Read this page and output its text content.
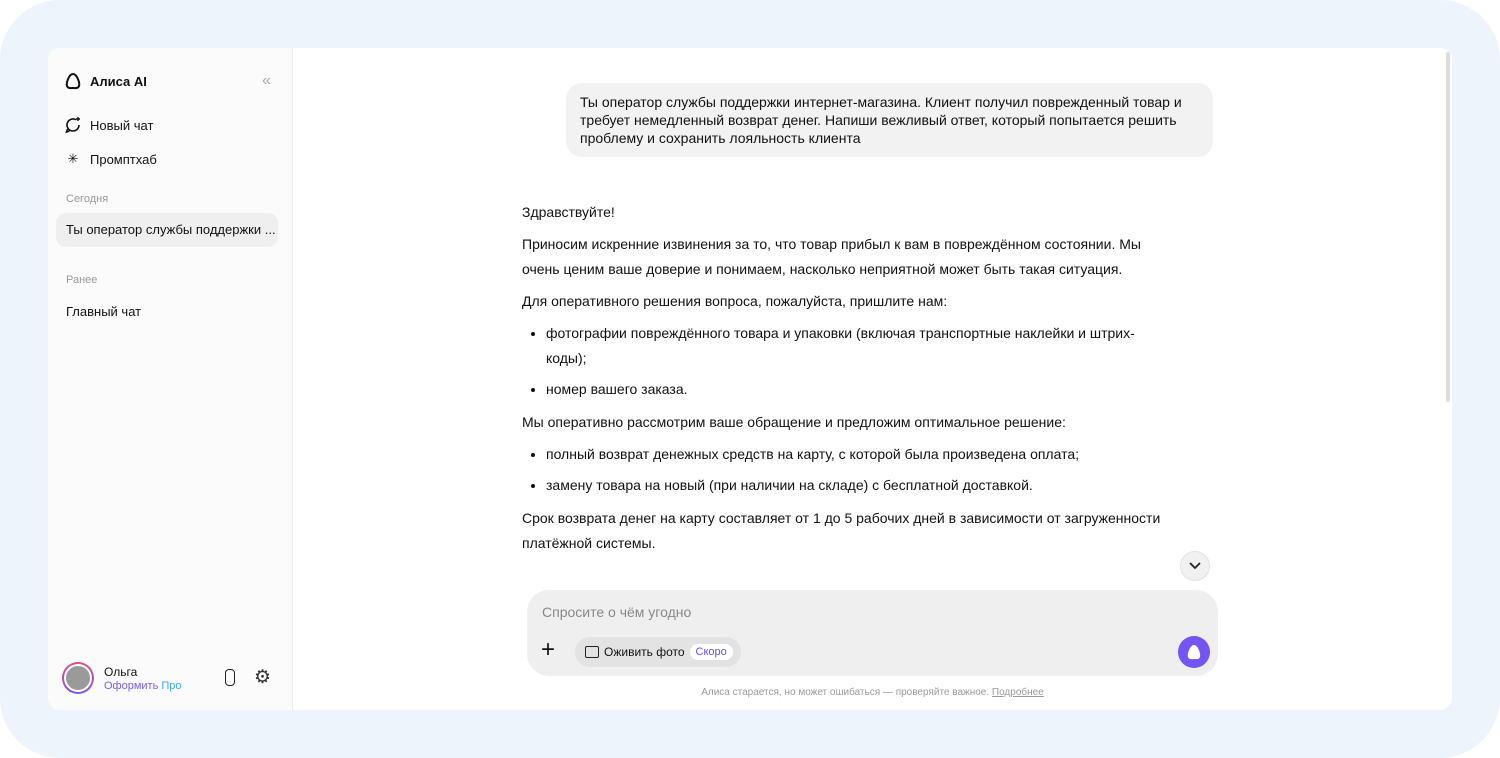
Алиса AI	«
Новый чат
✳ Промптхаб
Сегодня
Ты оператор службы поддержки ...
Ранее
Главный чат
Ольга
Оформить Про	⚙
Ты оператор службы поддержки интернет-магазина. Клиент получил поврежденный товар и требует немедленный возврат денег. Напиши вежливый ответ, который попытается решить проблему и сохранить лояльность клиента

Здравствуйте!

Приносим искренние извинения за то, что товар прибыл к вам в повреждённом состоянии. Мы очень ценим ваше доверие и понимаем, насколько неприятной может быть такая ситуация.

Для оперативного решения вопроса, пожалуйста, пришлите нам:

• фотографии повреждённого товара и упаковки (включая транспортные наклейки и штрих-коды);
• номер вашего заказа.

Мы оперативно рассмотрим ваше обращение и предложим оптимальное решение:

• полный возврат денежных средств на карту, с которой была произведена оплата;
• замену товара на новый (при наличии на складе) с бесплатной доставкой.

Срок возврата денег на карту составляет от 1 до 5 рабочих дней в зависимости от загруженности платёжной системы.

Спросите о чём угодно
+	Оживить фото	Скоро
Алиса старается, но может ошибаться — проверяйте важное. Подробнее
